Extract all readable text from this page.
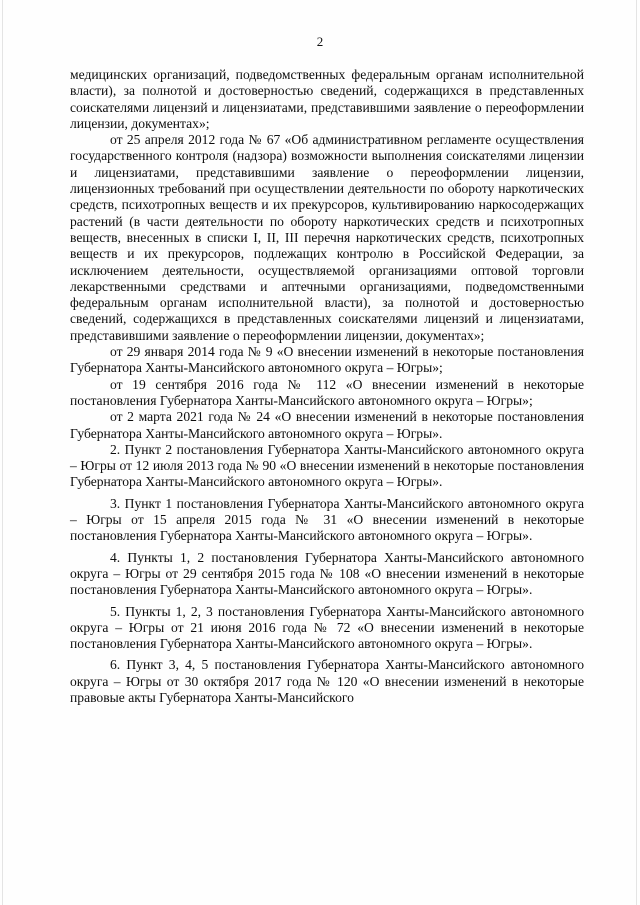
2

медицинских организаций, подведомственных федеральным органам исполнительной власти), за полнотой и достоверностью сведений, содержащихся в представленных соискателями лицензий и лицензиатами, представившими заявление о переоформлении лицензии, документах»;

от 25 апреля 2012 года № 67 «Об административном регламенте осуществления государственного контроля (надзора) возможности выполнения соискателями лицензии и лицензиатами, представившими заявление о переоформлении лицензии, лицензионных требований при осуществлении деятельности по обороту наркотических средств, психотропных веществ и их прекурсоров, культивированию наркосодержащих растений (в части деятельности по обороту наркотических средств и психотропных веществ, внесенных в списки I, II, III перечня наркотических средств, психотропных веществ и их прекурсоров, подлежащих контролю в Российской Федерации, за исключением деятельности, осуществляемой организациями оптовой торговли лекарственными средствами и аптечными организациями, подведомственными федеральным органам исполнительной власти), за полнотой и достоверностью сведений, содержащихся в представленных соискателями лицензий и лицензиатами, представившими заявление о переоформлении лицензии, документах»;

от 29 января 2014 года № 9 «О внесении изменений в некоторые постановления Губернатора Ханты-Мансийского автономного округа – Югры»;

от 19 сентября 2016 года № 112 «О внесении изменений в некоторые постановления Губернатора Ханты-Мансийского автономного округа – Югры»;

от 2 марта 2021 года № 24 «О внесении изменений в некоторые постановления Губернатора Ханты-Мансийского автономного округа – Югры».

2. Пункт 2 постановления Губернатора Ханты-Мансийского автономного округа – Югры от 12 июля 2013 года № 90 «О внесении изменений в некоторые постановления Губернатора Ханты-Мансийского автономного округа – Югры».

3. Пункт 1 постановления Губернатора Ханты-Мансийского автономного округа – Югры от 15 апреля 2015 года № 31 «О внесении изменений в некоторые постановления Губернатора Ханты-Мансийского автономного округа – Югры».

4. Пункты 1, 2 постановления Губернатора Ханты-Мансийского автономного округа – Югры от 29 сентября 2015 года № 108 «О внесении изменений в некоторые постановления Губернатора Ханты-Мансийского автономного округа – Югры».

5. Пункты 1, 2, 3 постановления Губернатора Ханты-Мансийского автономного округа – Югры от 21 июня 2016 года № 72 «О внесении изменений в некоторые постановления Губернатора Ханты-Мансийского автономного округа – Югры».

6. Пункт 3, 4, 5 постановления Губернатора Ханты-Мансийского автономного округа – Югры от 30 октября 2017 года № 120 «О внесении изменений в некоторые правовые акты Губернатора Ханты-Мансийского
